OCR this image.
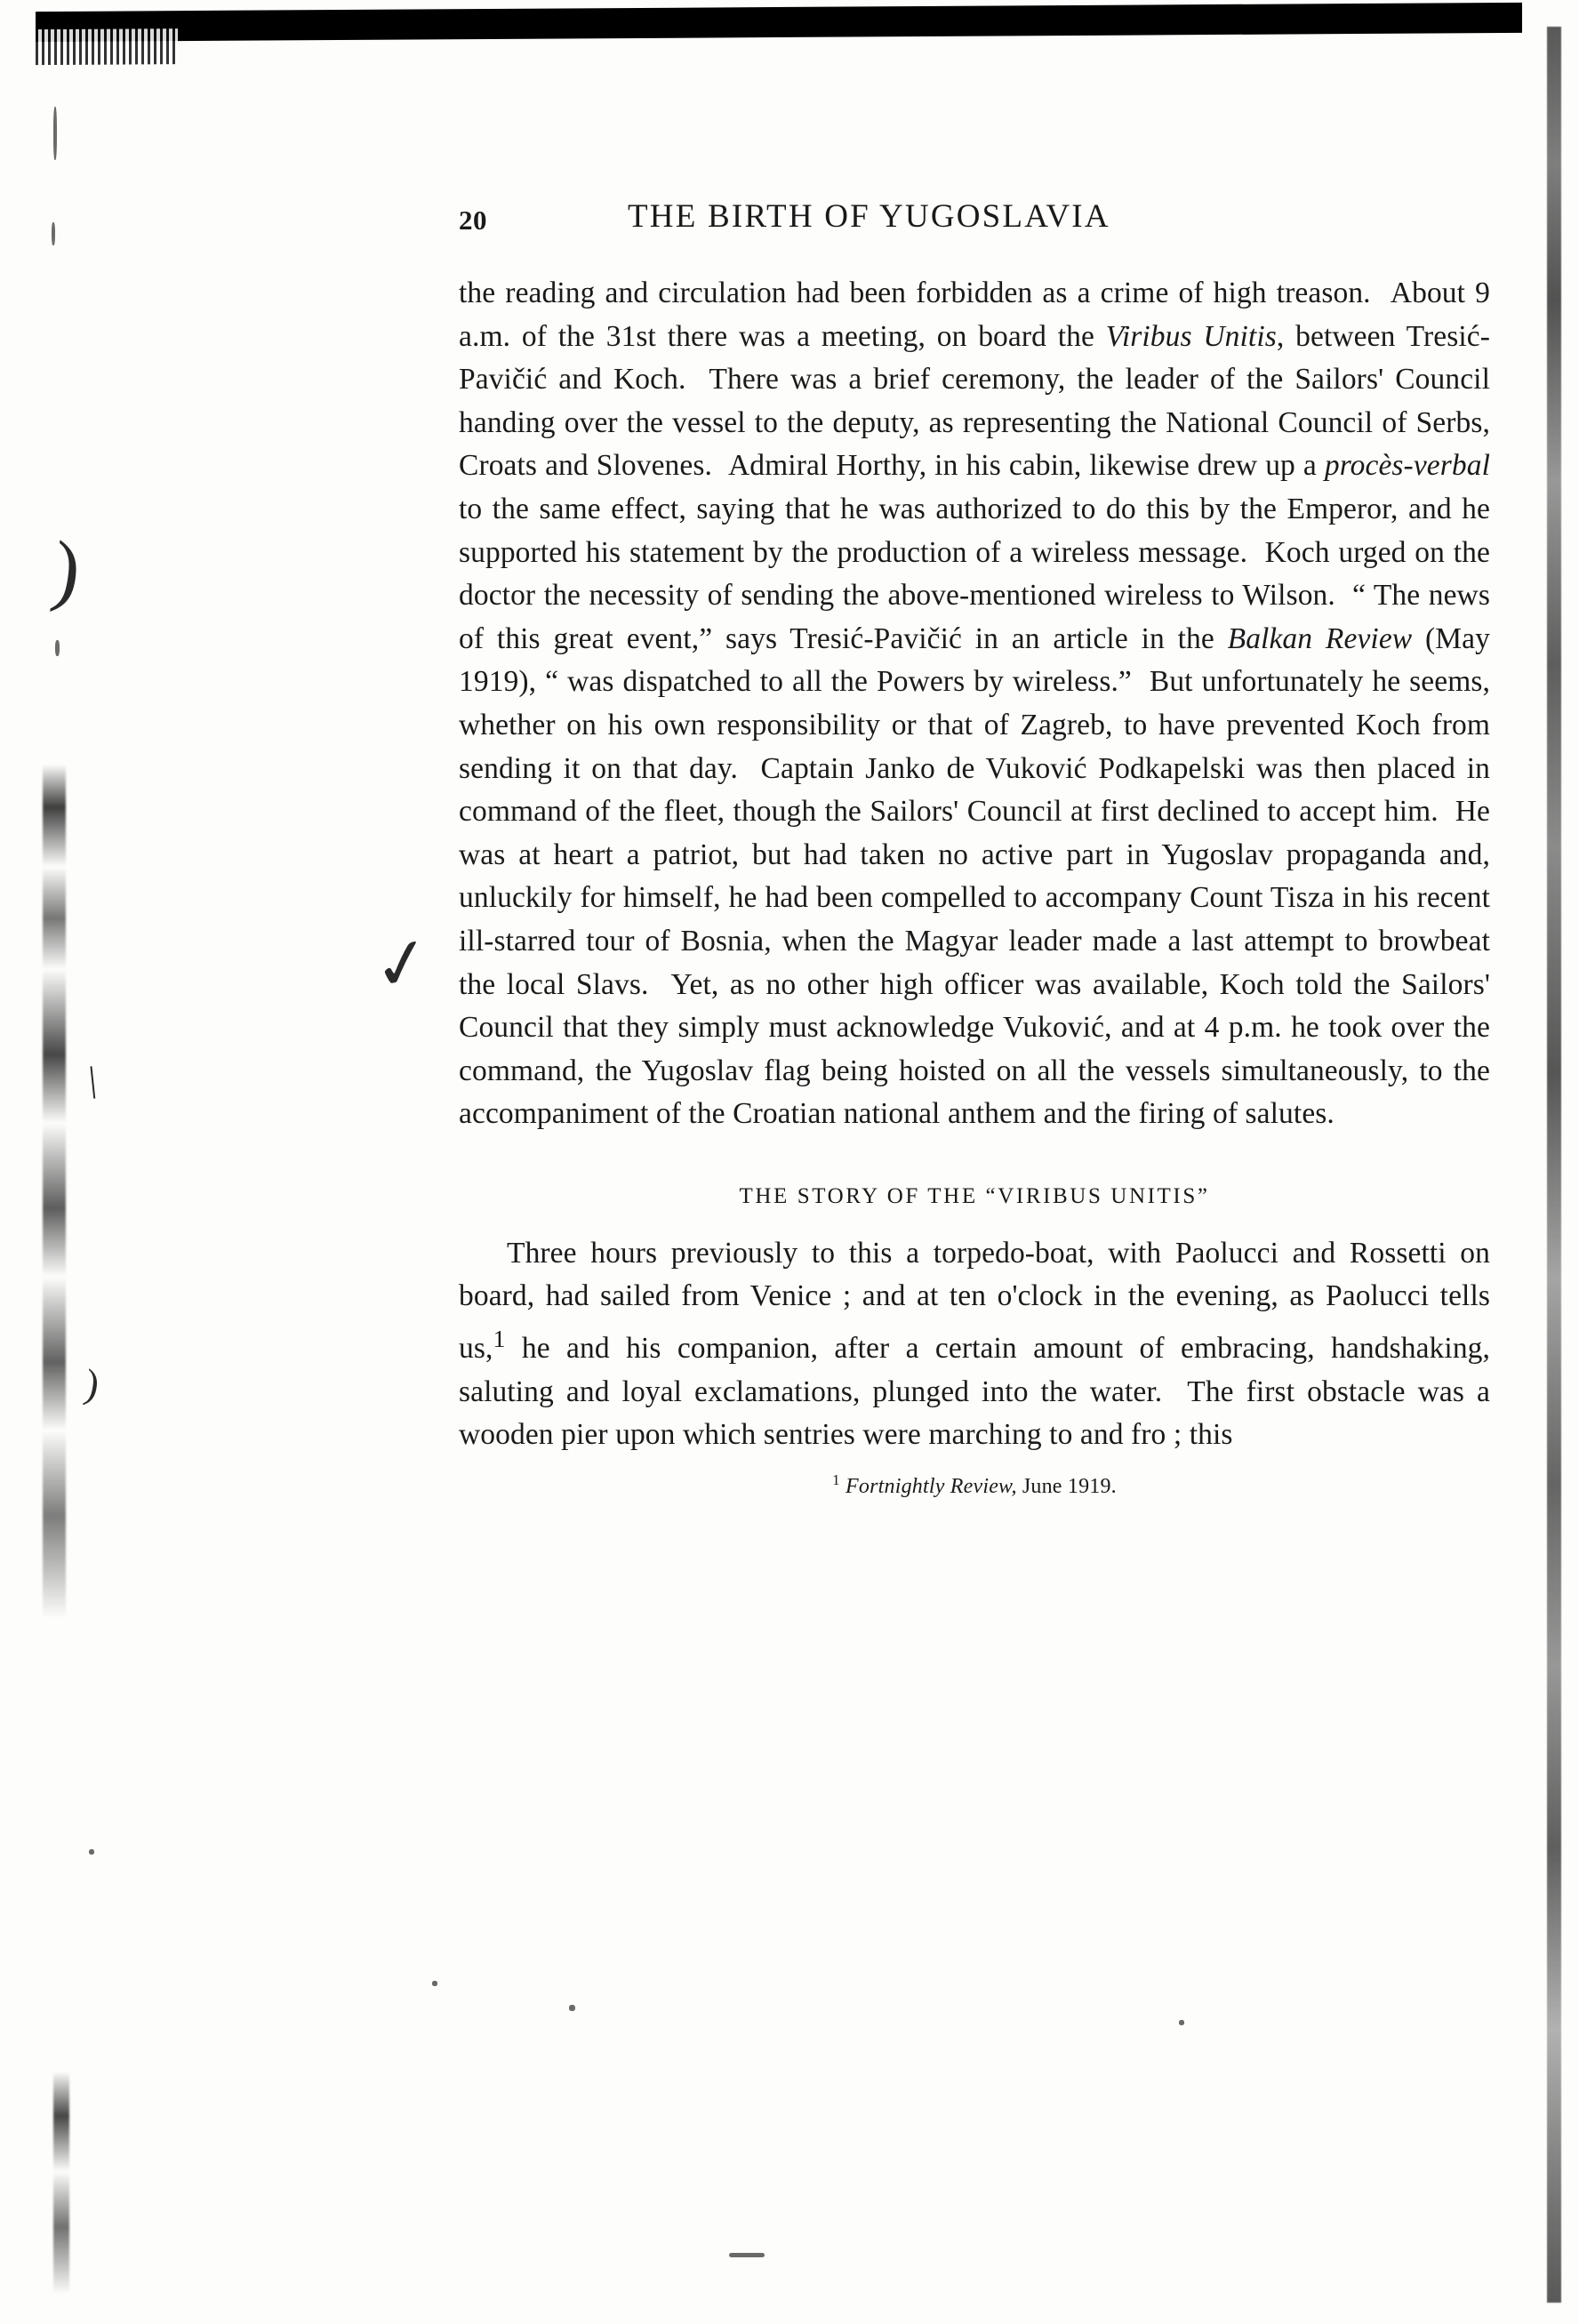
)
✓
|
)
20	THE BIRTH OF YUGOSLAVIA

the reading and circulation had been forbidden as a crime of high treason.  About 9 a.m. of the 31st there was a meeting, on board the Viribus Unitis, between Tresić-Pavičić and Koch.  There was a brief ceremony, the leader of the Sailors' Council handing over the vessel to the deputy, as representing the National Council of Serbs, Croats and Slovenes.  Admiral Horthy, in his cabin, likewise drew up a procès-verbal to the same effect, saying that he was authorized to do this by the Emperor, and he supported his statement by the production of a wireless message.  Koch urged on the doctor the necessity of sending the above-mentioned wireless to Wilson.  “ The news of this great event,” says Tresić-Pavičić in an article in the Balkan Review (May 1919), “ was dispatched to all the Powers by wireless.”  But unfortunately he seems, whether on his own responsibility or that of Zagreb, to have prevented Koch from sending it on that day.  Captain Janko de Vuković Podkapelski was then placed in command of the fleet, though the Sailors' Council at first declined to accept him.  He was at heart a patriot, but had taken no active part in Yugoslav propaganda and, unluckily for himself, he had been compelled to accompany Count Tisza in his recent ill-starred tour of Bosnia, when the Magyar leader made a last attempt to browbeat the local Slavs.  Yet, as no other high officer was available, Koch told the Sailors' Council that they simply must acknowledge Vuković, and at 4 p.m. he took over the command, the Yugoslav flag being hoisted on all the vessels simultaneously, to the accompaniment of the Croatian national anthem and the firing of salutes.

THE STORY OF THE “VIRIBUS UNITIS”

Three hours previously to this a torpedo-boat, with Paolucci and Rossetti on board, had sailed from Venice ; and at ten o'clock in the evening, as Paolucci tells us,$^1$ he and his companion, after a certain amount of embracing, handshaking, saluting and loyal exclamations, plunged into the water.  The first obstacle was a wooden pier upon which sentries were marching to and fro ; this

$^1$ Fortnightly Review, June 1919.
